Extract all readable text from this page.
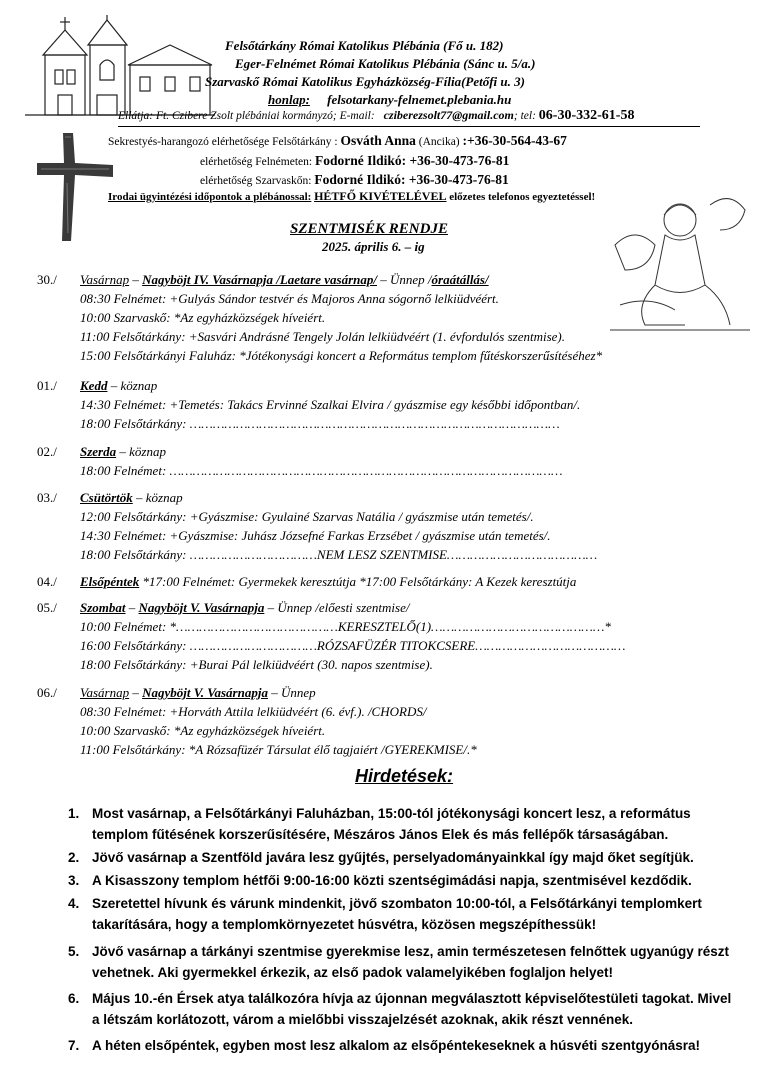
Felsőtárkány Római Katolikus Plébánia (Fő u. 182)
Eger-Felnémet Római Katolikus Plébánia (Sánc u. 5/a.)
Szarvaskő Római Katolikus Egyházközség-Fília(Petőfi u. 3)
honlap: felsotarkany-felnemet.plebania.hu
Ellátja: Ft. Czibere Zsolt plébániai kormányzó; E-mail: cziberezsolt77@gmail.com; tel: 06-30-332-61-58
Sekrestyés-harangozó elérhetősége Felsőtárkány : Osváth Anna (Ancika) :+36-30-564-43-67
elérhetőség Felnémeten: Fodorné Ildikó: +36-30-473-76-81
elérhetőség Szarvaskőn: Fodorné Ildikó: +36-30-473-76-81
Irodai ügyintézési időpontok a plébánossal: HÉTFŐ KIVÉTELÉVEL előzetes telefonos egyeztetéssel!
SZENTMISÉK RENDJE
2025. április 6. – ig
30./ Vasárnap – Nagyböjt IV. Vasárnapja /Laetare vasárnap/ – Ünnep /óraátállás/
08:30 Felnémet: +Gulyás Sándor testvér és Majoros Anna sógornő lelkiüdvéért.
10:00 Szarvaskő: *Az egyházközségek híveiért.
11:00 Felsőtárkány: +Sasvári Andrásné Tengely Jolán lelkiüdvéért (1. évfordulós szentmise).
15:00 Felsőtárkányi Faluház: *Jótékonysági koncert a Református templom fűtéskorszerűsítéséhez*
01./ Kedd – köznap
14:30 Felnémet: +Temetés: Takács Ervinné Szalkai Elvira / gyászmise egy későbbi időpontban/.
18:00 Felsőtárkány: ……………………………………………………………………………………
02./ Szerda – köznap
18:00 Felnémet: …………………………………………………………………………………………
03./ Csütörtök – köznap
12:00 Felsőtárkány: +Gyászmise: Gyulainé Szarvas Natália / gyászmise után temetés/.
14:30 Felnémet: +Gyászmise: Juhász Józsefné Farkas Erzsébet / gyászmise után temetés/.
18:00 Felsőtárkány: ……………………………NEM LESZ SZENTMISE…………………………………
04./ Elsőpéntek *17:00 Felnémet: Gyermekek keresztútja *17:00 Felsőtárkány: A Kezek keresztútja
05./ Szombat – Nagyböjt V. Vasárnapja – Ünnep /előesti szentmise/
10:00 Felnémet: *……………………………………KERESZTELŐ(1)………………………………………*
16:00 Felsőtárkány: ……………………………RÓZSAFÜZÉR TITOKCSERE…………………………………
18:00 Felsőtárkány: +Burai Pál lelkiüdvéért (30. napos szentmise).
06./ Vasárnap – Nagyböjt V. Vasárnapja – Ünnep
08:30 Felnémet: +Horváth Attila lelkiüdvéért (6. évf.). /CHORDS/
10:00 Szarvaskő: *Az egyházközségek híveiért.
11:00 Felsőtárkány: *A Rózsafüzér Társulat élő tagjaiért /GYEREKMISE/.*
Hirdetések:
1. Most vasárnap, a Felsőtárkányi Faluházban, 15:00-tól jótékonysági koncert lesz, a református templom fűtésének korszerűsítésére, Mészáros János Elek és más fellépők társaságában.
2. Jövő vasárnap a Szentföld javára lesz gyűjtés, perselyadományainkkal így majd őket segítjük.
3. A Kisasszony templom hétfői 9:00-16:00 közti szentségimádási napja, szentmisével kezdődik.
4. Szeretettel hívunk és várunk mindenkit, jövő szombaton 10:00-tól, a Felsőtárkányi templomkert takarítására, hogy a templomkörnyezetet húsvétra, közösen megszépíthessük!
5. Jövő vasárnap a tárkányi szentmise gyerekmise lesz, amin természetesen felnőttek ugyanúgy részt vehetnek. Aki gyermekkel érkezik, az első padok valamelyikében foglaljon helyet!
6. Május 10.-én Érsek atya találkozóra hívja az újonnan megválasztott képviselőtestületi tagokat. Mivel a létszám korlátozott, várom a mielőbbi visszajelzését azoknak, akik részt vennének.
7. A héten elsőpéntek, egyben most lesz alkalom az elsőpéntekeseknek a húsvéti szentgyónásra!
